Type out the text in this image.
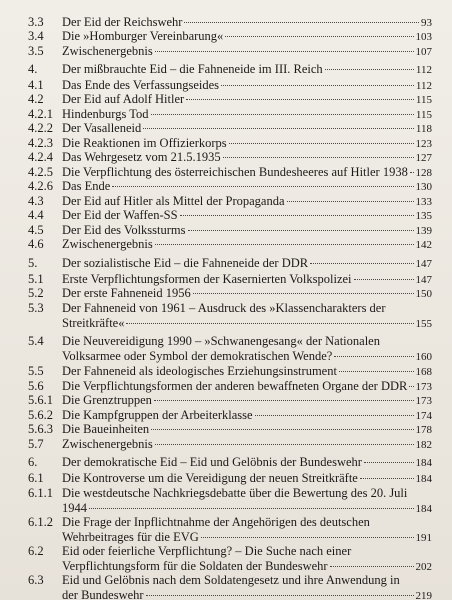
3.3 Der Eid der Reichswehr	93
3.4 Die »Homburger Vereinbarung«	103
3.5 Zwischenergebnis	107
4. Der mißbrauchte Eid – die Fahneneide im III. Reich	112
4.1 Das Ende des Verfassungseides	112
4.2 Der Eid auf Adolf Hitler	115
4.2.1 Hindenburgs Tod	115
4.2.2 Der Vasalleneid	118
4.2.3 Die Reaktionen im Offizierkorps	123
4.2.4 Das Wehrgesetz vom 21.5.1935	127
4.2.5 Die Verpflichtung des österreichischen Bundesheeres auf Hitler 1938 128
4.2.6 Das Ende	130
4.3 Der Eid auf Hitler als Mittel der Propaganda	133
4.4 Der Eid der Waffen-SS	135
4.5 Der Eid des Volkssturms	139
4.6 Zwischenergebnis	142
5. Der sozialistische Eid – die Fahneneide der DDR	147
5.1 Erste Verpflichtungsformen der Kasernierten Volkspolizei	147
5.2 Der erste Fahneneid 1956	150
5.3 Der Fahneneid von 1961 – Ausdruck des »Klassencharakters der
Streitkräfte«	155
5.4 Die Neuvereidigung 1990 – »Schwanengesang« der Nationalen
Volksarmee oder Symbol der demokratischen Wende?	160
5.5 Der Fahneneid als ideologisches Erziehungsinstrument	168
5.6 Die Verpflichtungsformen der anderen bewaffneten Organe der DDR 173
5.6.1 Die Grenztruppen	173
5.6.2 Die Kampfgruppen der Arbeiterklasse	174
5.6.3 Die Baueinheiten	178
5.7 Zwischenergebnis	182
6. Der demokratische Eid – Eid und Gelöbnis der Bundeswehr	184
6.1 Die Kontroverse um die Vereidigung der neuen Streitkräfte	184
6.1.1 Die westdeutsche Nachkriegsdebatte über die Bewertung des 20. Juli
1944	184
6.1.2 Die Frage der Inpflichtnahme der Angehörigen des deutschen
Wehrbeitrages für die EVG	191
6.2 Eid oder feierliche Verpflichtung? – Die Suche nach einer
Verpflichtungsform für die Soldaten der Bundeswehr	202
6.3 Eid und Gelöbnis nach dem Soldatengesetz und ihre Anwendung in
der Bundeswehr	219
